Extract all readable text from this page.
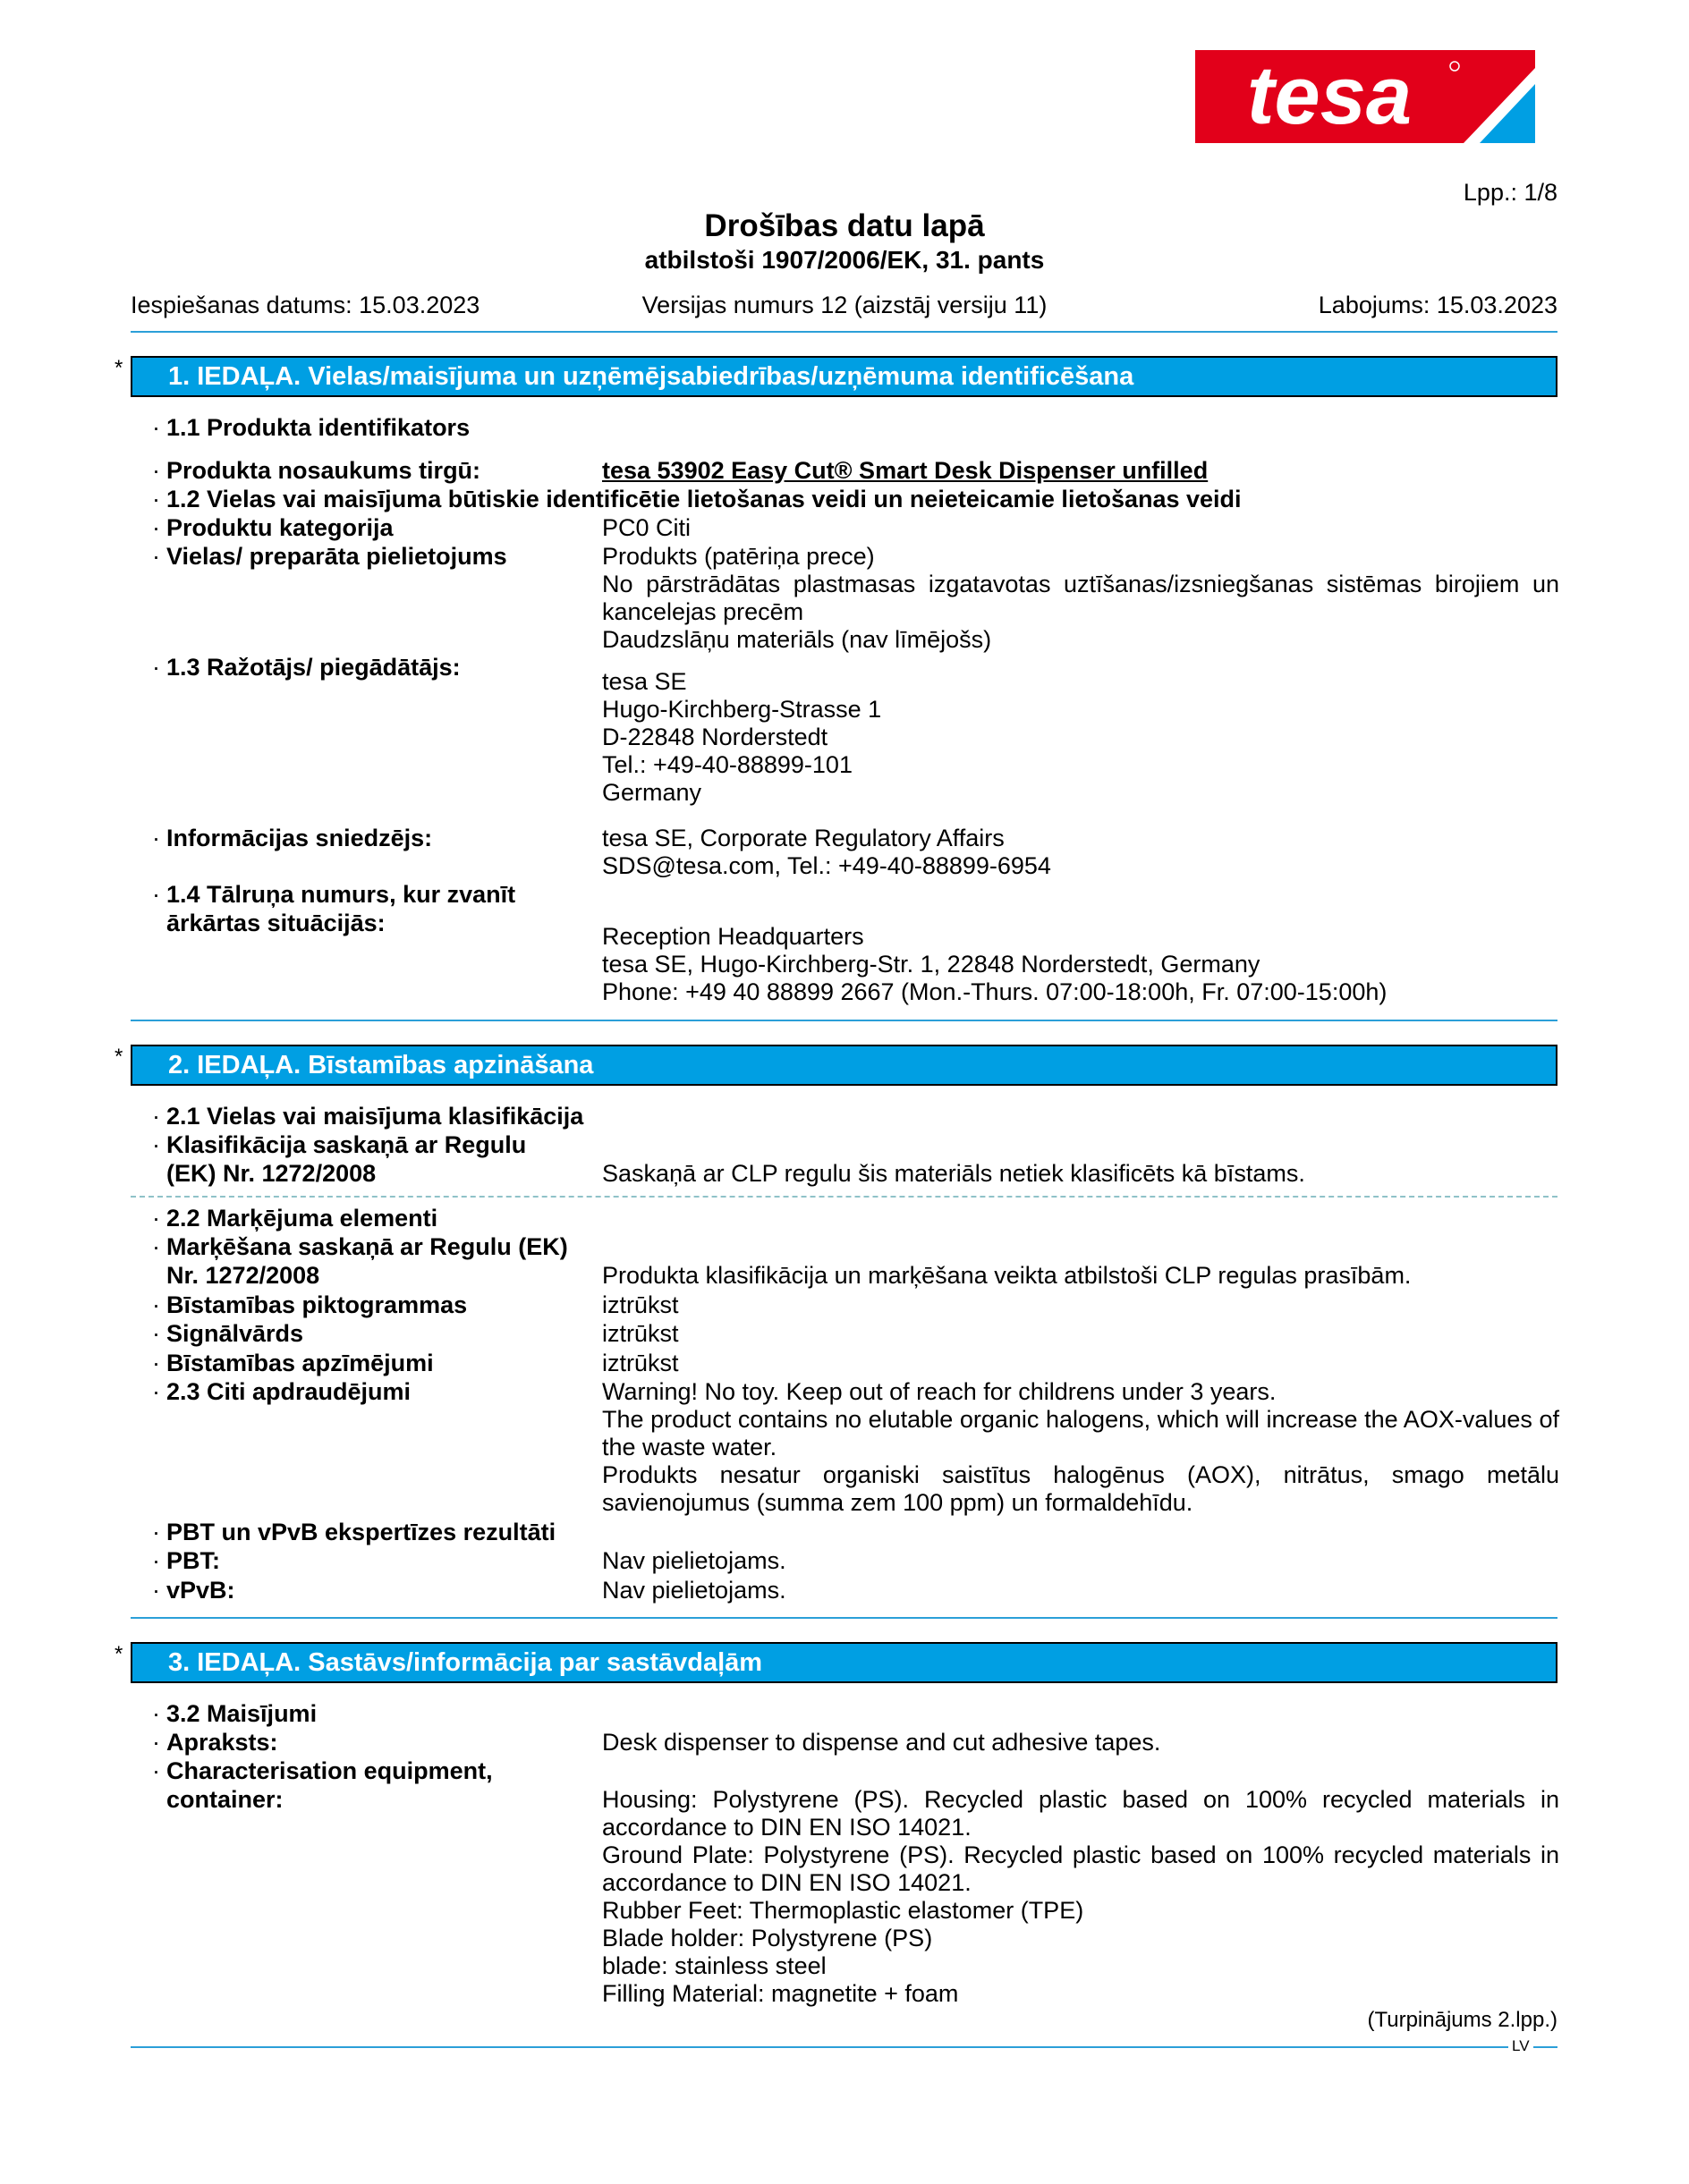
tesa
Lpp.: 1/8
Drošības datu lapā
atbilstoši 1907/2006/EK, 31. pants
Iespiešanas datums: 15.03.2023	Versijas numurs 12 (aizstāj versiju 11)	Labojums: 15.03.2023
* 1. IEDAĻA. Vielas/maisījuma un uzņēmējsabiedrības/uzņēmuma identificēšana
· 1.1 Produkta identifikators
· Produkta nosaukums tirgū:	tesa 53902 Easy Cut® Smart Desk Dispenser unfilled
· 1.2 Vielas vai maisījuma būtiskie identificētie lietošanas veidi un neieteicamie lietošanas veidi
· Produktu kategorija	PC0 Citi
· Vielas/ preparāta pielietojums	Produkts (patēriņa prece)
No pārstrādātas plastmasas izgatavotas uztīšanas/izsniegšanas sistēmas birojiem un kancelejas precēm
Daudzslāņu materiāls (nav līmējošs)
· 1.3 Ražotājs/ piegādātājs:
tesa SE
Hugo-Kirchberg-Strasse 1
D-22848 Norderstedt
Tel.: +49-40-88899-101
Germany
· Informācijas sniedzējs:	tesa SE, Corporate Regulatory Affairs
SDS@tesa.com, Tel.: +49-40-88899-6954
· 1.4 Tālruņa numurs, kur zvanīt
ārkārtas situācijās:	Reception Headquarters
tesa SE, Hugo-Kirchberg-Str. 1, 22848 Norderstedt, Germany
Phone: +49 40 88899 2667 (Mon.-Thurs. 07:00-18:00h, Fr. 07:00-15:00h)
* 2. IEDAĻA. Bīstamības apzināšana
· 2.1 Vielas vai maisījuma klasifikācija
· Klasifikācija saskaņā ar Regulu
(EK) Nr. 1272/2008	Saskaņā ar CLP regulu šis materiāls netiek klasificēts kā bīstams.
· 2.2 Marķējuma elementi
· Marķēšana saskaņā ar Regulu (EK)
Nr. 1272/2008	Produkta klasifikācija un marķēšana veikta atbilstoši CLP regulas prasībām.
· Bīstamības piktogrammas	iztrūkst
· Signālvārds	iztrūkst
· Bīstamības apzīmējumi	iztrūkst
· 2.3 Citi apdraudējumi	Warning! No toy. Keep out of reach for childrens under 3 years.
The product contains no elutable organic halogens, which will increase the AOX-values of the waste water.
Produkts nesatur organiski saistītus halogēnus (AOX), nitrātus, smago metālu savienojumus (summa zem 100 ppm) un formaldehīdu.
· PBT un vPvB ekspertīzes rezultāti
· PBT:	Nav pielietojams.
· vPvB:	Nav pielietojams.
* 3. IEDAĻA. Sastāvs/informācija par sastāvdaļām
· 3.2 Maisījumi
· Apraksts:	Desk dispenser to dispense and cut adhesive tapes.
· Characterisation equipment,
container:	Housing: Polystyrene (PS). Recycled plastic based on 100% recycled materials in accordance to DIN EN ISO 14021.
Ground Plate: Polystyrene (PS). Recycled plastic based on 100% recycled materials in accordance to DIN EN ISO 14021.
Rubber Feet: Thermoplastic elastomer (TPE)
Blade holder: Polystyrene (PS)
blade: stainless steel
Filling Material: magnetite + foam
(Turpinājums 2.lpp.)
LV
